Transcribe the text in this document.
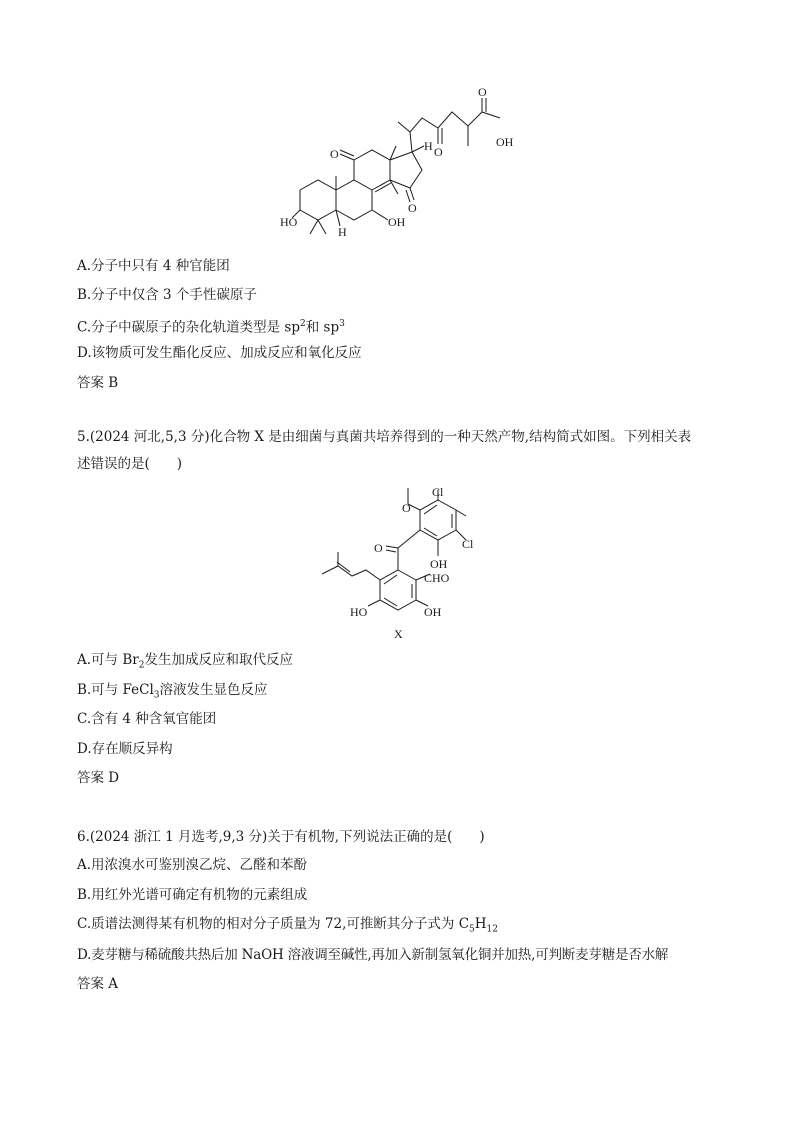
O
OH
O
H
O
O
HO
H
OH
A.分子中只有 4 种官能团
B.分子中仅含 3 个手性碳原子
C.分子中碳原子的杂化轨道类型是 $sp^2$和 $sp^3$
D.该物质可发生酯化反应、加成反应和氧化反应
答案 B
5.(2024 河北,5,3 分)化合物 X 是由细菌与真菌共培养得到的一种天然产物,结构简式如图。下列相关表
述错误的是(　　)
Cl
O
Cl
O
OH
CHO
HO	OH
X
A.可与 $Br_2$发生加成反应和取代反应
B.可与 FeCl$_3$溶液发生显色反应
C.含有 4 种含氧官能团
D.存在顺反异构
答案 D
6.(2024 浙江 1 月选考,9,3 分)关于有机物,下列说法正确的是(　　)
A.用浓溴水可鉴别溴乙烷、乙醛和苯酚
B.用红外光谱可确定有机物的元素组成
C.质谱法测得某有机物的相对分子质量为 72,可推断其分子式为 $C_5H_{12}$
D.麦芽糖与稀硫酸共热后加 NaOH 溶液调至碱性,再加入新制氢氧化铜并加热,可判断麦芽糖是否水解
答案 A
